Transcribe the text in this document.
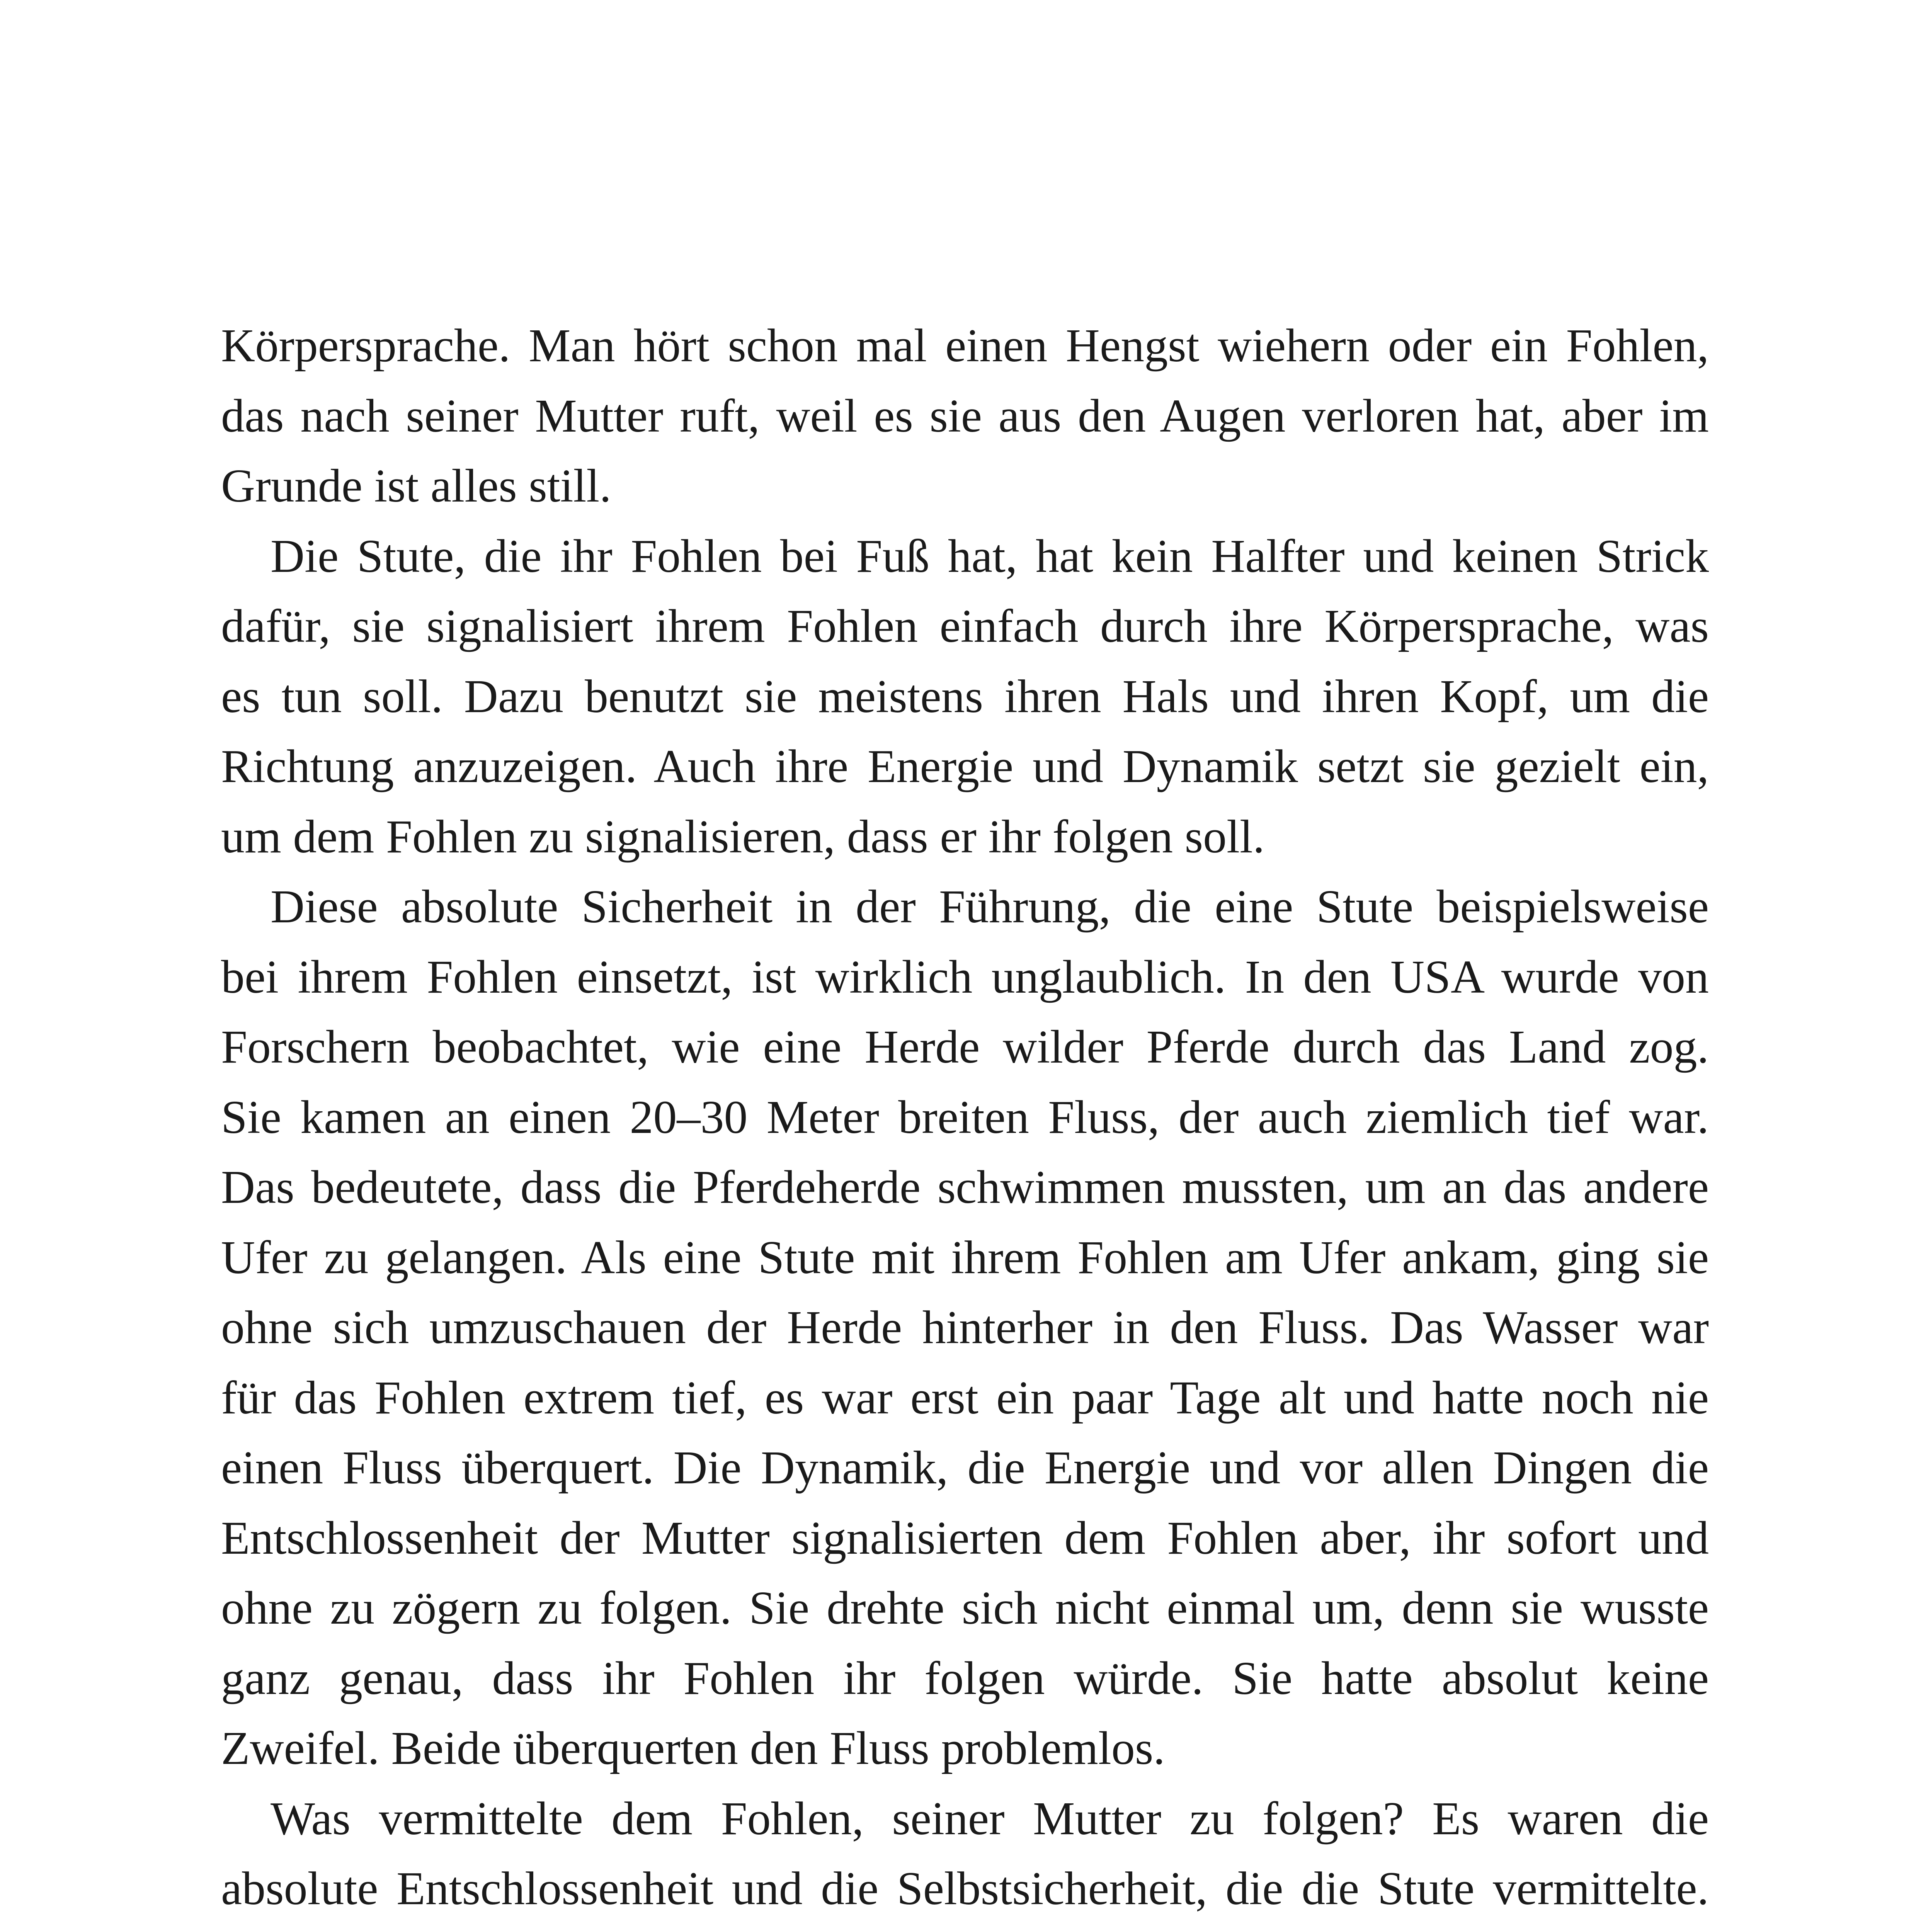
Körpersprache. Man hört schon mal einen Hengst wiehern oder ein Fohlen,
das nach seiner Mutter ruft, weil es sie aus den Augen verloren hat, aber im
Grunde ist alles still.
Die Stute, die ihr Fohlen bei Fuß hat, hat kein Halfter und keinen Strick
dafür, sie signalisiert ihrem Fohlen einfach durch ihre Körpersprache, was
es tun soll. Dazu benutzt sie meistens ihren Hals und ihren Kopf, um die
Richtung anzuzeigen. Auch ihre Energie und Dynamik setzt sie gezielt ein,
um dem Fohlen zu signalisieren, dass er ihr folgen soll.
Diese absolute Sicherheit in der Führung, die eine Stute beispielsweise
bei ihrem Fohlen einsetzt, ist wirklich unglaublich. In den USA wurde von
Forschern beobachtet, wie eine Herde wilder Pferde durch das Land zog.
Sie kamen an einen 20–30 Meter breiten Fluss, der auch ziemlich tief war.
Das bedeutete, dass die Pferdeherde schwimmen mussten, um an das andere
Ufer zu gelangen. Als eine Stute mit ihrem Fohlen am Ufer ankam, ging sie
ohne sich umzuschauen der Herde hinterher in den Fluss. Das Wasser war
für das Fohlen extrem tief, es war erst ein paar Tage alt und hatte noch nie
einen Fluss überquert. Die Dynamik, die Energie und vor allen Dingen die
Entschlossenheit der Mutter signalisierten dem Fohlen aber, ihr sofort und
ohne zu zögern zu folgen. Sie drehte sich nicht einmal um, denn sie wusste
ganz genau, dass ihr Fohlen ihr folgen würde. Sie hatte absolut keine
Zweifel. Beide überquerten den Fluss problemlos.
Was vermittelte dem Fohlen, seiner Mutter zu folgen? Es waren die
absolute Entschlossenheit und die Selbstsicherheit, die die Stute vermittelte.
